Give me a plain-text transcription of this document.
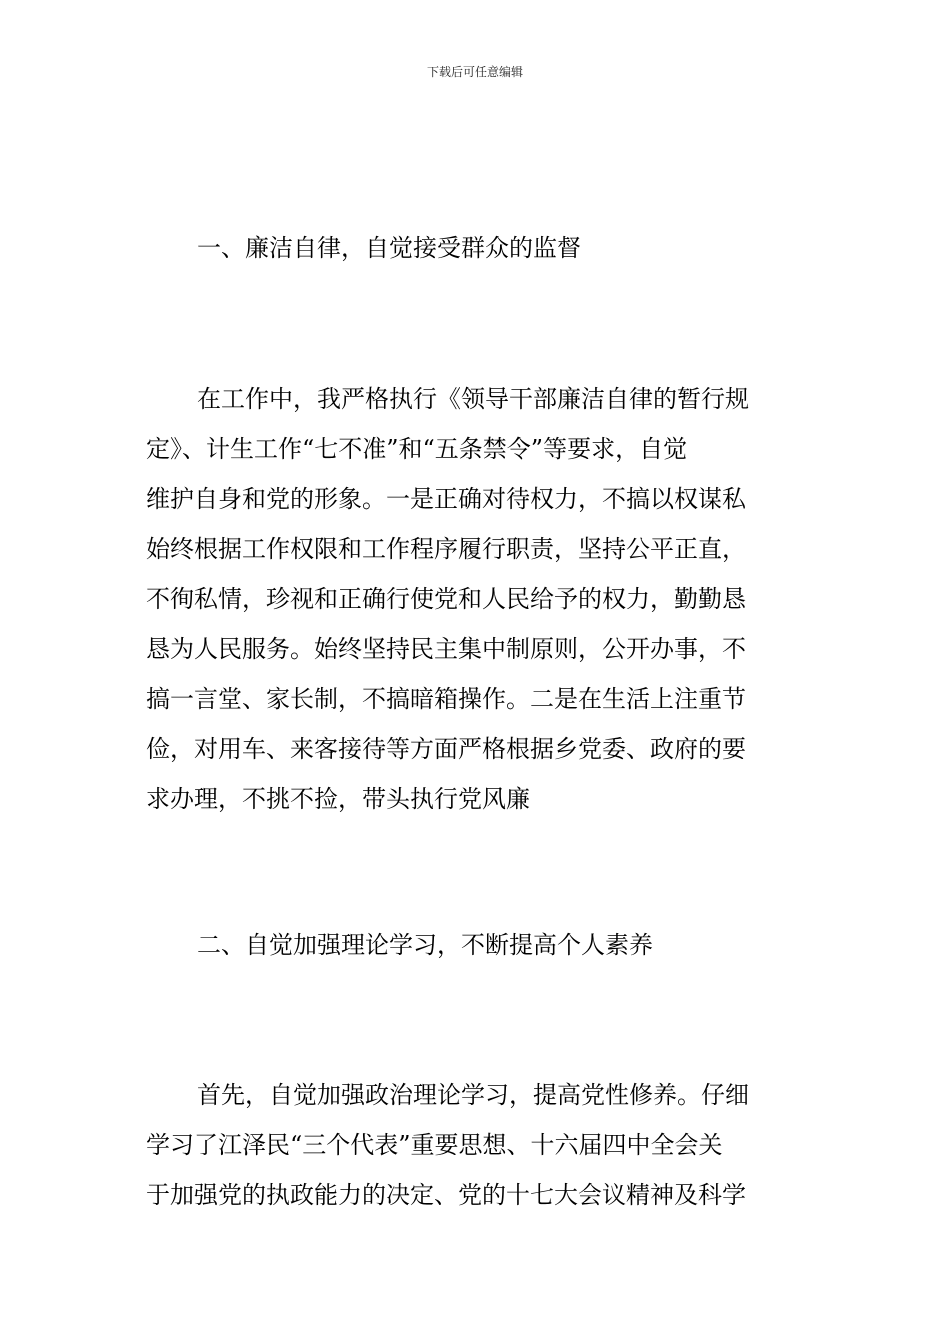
下载后可任意编辑
一、廉洁自律，自觉接受群众的监督
在工作中，我严格执行《领导干部廉洁自律的暂行规
定》、计生工作“七不准”和“五条禁令”等要求，自觉
维护自身和党的形象。一是正确对待权力，不搞以权谋私
始终根据工作权限和工作程序履行职责，坚持公平正直，
不徇私情，珍视和正确行使党和人民给予的权力，勤勤恳
恳为人民服务。始终坚持民主集中制原则，公开办事，不
搞一言堂、家长制，不搞暗箱操作。二是在生活上注重节
俭，对用车、来客接待等方面严格根据乡党委、政府的要
求办理，不挑不捡，带头执行党风廉
二、自觉加强理论学习，不断提高个人素养
首先，自觉加强政治理论学习，提高党性修养。仔细
学习了江泽民“三个代表”重要思想、十六届四中全会关
于加强党的执政能力的决定、党的十七大会议精神及科学
